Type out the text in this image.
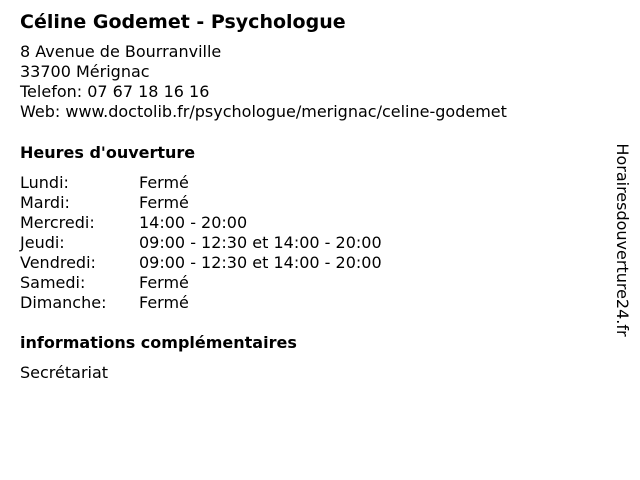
Céline Godemet - Psychologue
8 Avenue de Bourranville
33700 Mérignac
Telefon: 07 67 18 16 16
Web: www.doctolib.fr/psychologue/merignac/celine-godemet
Heures d'ouverture
Lundi:	Fermé
Mardi:	Fermé
Mercredi:	14:00 - 20:00
Jeudi:	09:00 - 12:30 et 14:00 - 20:00
Vendredi:	09:00 - 12:30 et 14:00 - 20:00
Samedi:	Fermé
Dimanche:	Fermé
informations complémentaires
Secrétariat
Horairesdouverture24.fr
